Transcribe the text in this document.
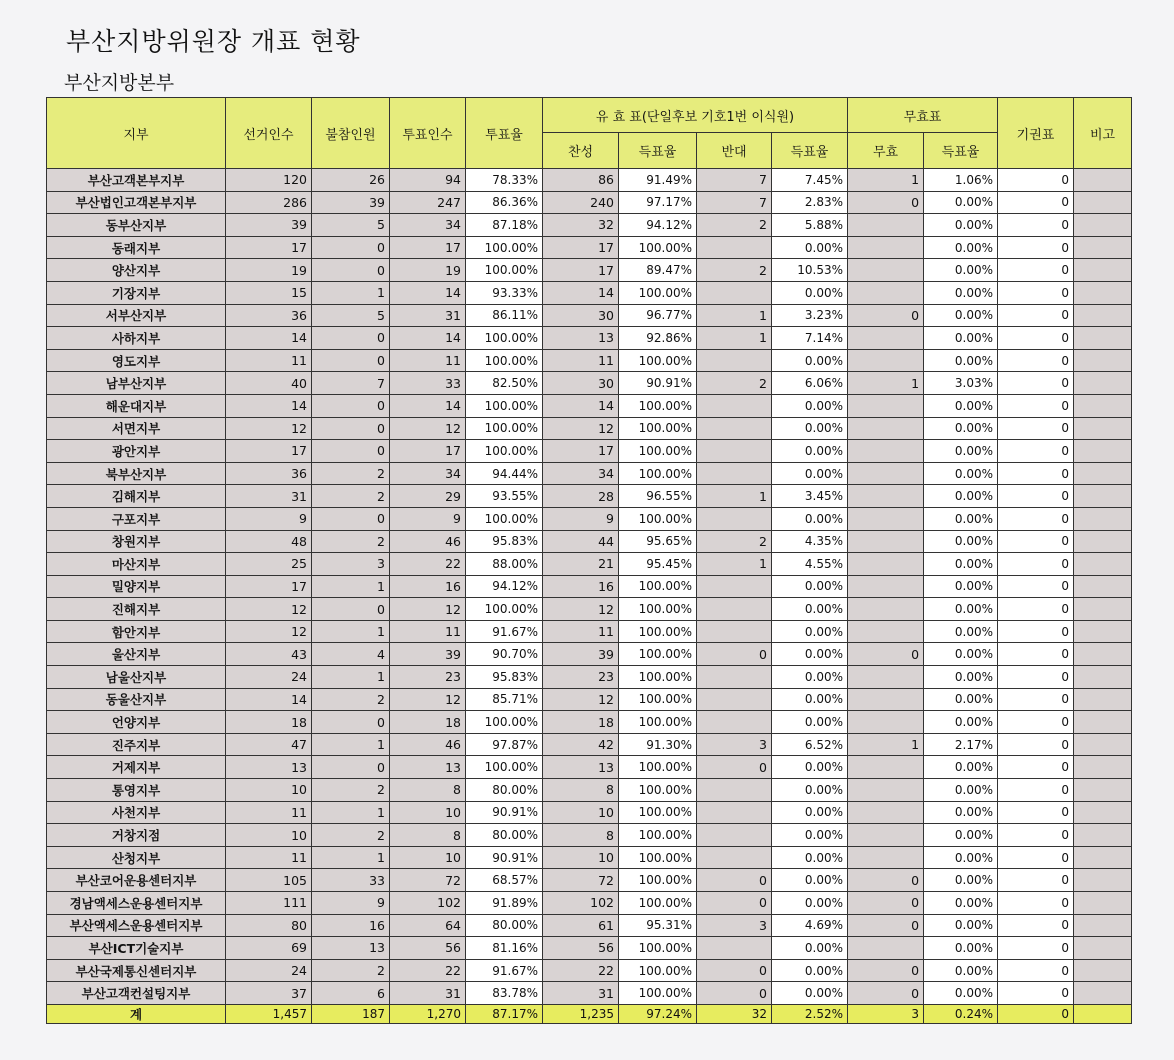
부산지방위원장 개표 현황
부산지방본부
지부	선거인수	불참인원	투표인수	투표율	유 효 표(단일후보 기호1번 이식원)				무효표		기권표	비고
					찬성	득표율	반대	득표율	무효	득표율		
부산고객본부지부	120	26	94	78.33%	86	91.49%	7	7.45%	1	1.06%	0	
부산법인고객본부지부	286	39	247	86.36%	240	97.17%	7	2.83%	0	0.00%	0	
동부산지부	39	5	34	87.18%	32	94.12%	2	5.88%		0.00%	0	
동래지부	17	0	17	100.00%	17	100.00%		0.00%		0.00%	0	
양산지부	19	0	19	100.00%	17	89.47%	2	10.53%		0.00%	0	
기장지부	15	1	14	93.33%	14	100.00%		0.00%		0.00%	0	
서부산지부	36	5	31	86.11%	30	96.77%	1	3.23%	0	0.00%	0	
사하지부	14	0	14	100.00%	13	92.86%	1	7.14%		0.00%	0	
영도지부	11	0	11	100.00%	11	100.00%		0.00%		0.00%	0	
남부산지부	40	7	33	82.50%	30	90.91%	2	6.06%	1	3.03%	0	
해운대지부	14	0	14	100.00%	14	100.00%		0.00%		0.00%	0	
서면지부	12	0	12	100.00%	12	100.00%		0.00%		0.00%	0	
광안지부	17	0	17	100.00%	17	100.00%		0.00%		0.00%	0	
북부산지부	36	2	34	94.44%	34	100.00%		0.00%		0.00%	0	
김해지부	31	2	29	93.55%	28	96.55%	1	3.45%		0.00%	0	
구포지부	9	0	9	100.00%	9	100.00%		0.00%		0.00%	0	
창원지부	48	2	46	95.83%	44	95.65%	2	4.35%		0.00%	0	
마산지부	25	3	22	88.00%	21	95.45%	1	4.55%		0.00%	0	
밀양지부	17	1	16	94.12%	16	100.00%		0.00%		0.00%	0	
진해지부	12	0	12	100.00%	12	100.00%		0.00%		0.00%	0	
함안지부	12	1	11	91.67%	11	100.00%		0.00%		0.00%	0	
울산지부	43	4	39	90.70%	39	100.00%	0	0.00%	0	0.00%	0	
남울산지부	24	1	23	95.83%	23	100.00%		0.00%		0.00%	0	
동울산지부	14	2	12	85.71%	12	100.00%		0.00%		0.00%	0	
언양지부	18	0	18	100.00%	18	100.00%		0.00%		0.00%	0	
진주지부	47	1	46	97.87%	42	91.30%	3	6.52%	1	2.17%	0	
거제지부	13	0	13	100.00%	13	100.00%	0	0.00%		0.00%	0	
통영지부	10	2	8	80.00%	8	100.00%		0.00%		0.00%	0	
사천지부	11	1	10	90.91%	10	100.00%		0.00%		0.00%	0	
거창지점	10	2	8	80.00%	8	100.00%		0.00%		0.00%	0	
산청지부	11	1	10	90.91%	10	100.00%		0.00%		0.00%	0	
부산코어운용센터지부	105	33	72	68.57%	72	100.00%	0	0.00%	0	0.00%	0	
경남액세스운용센터지부	111	9	102	91.89%	102	100.00%	0	0.00%	0	0.00%	0	
부산액세스운용센터지부	80	16	64	80.00%	61	95.31%	3	4.69%	0	0.00%	0	
부산ICT기술지부	69	13	56	81.16%	56	100.00%		0.00%		0.00%	0	
부산국제통신센터지부	24	2	22	91.67%	22	100.00%	0	0.00%	0	0.00%	0	
부산고객컨설팅지부	37	6	31	83.78%	31	100.00%	0	0.00%	0	0.00%	0	
계	1,457	187	1,270	87.17%	1,235	97.24%	32	2.52%	3	0.24%	0	
